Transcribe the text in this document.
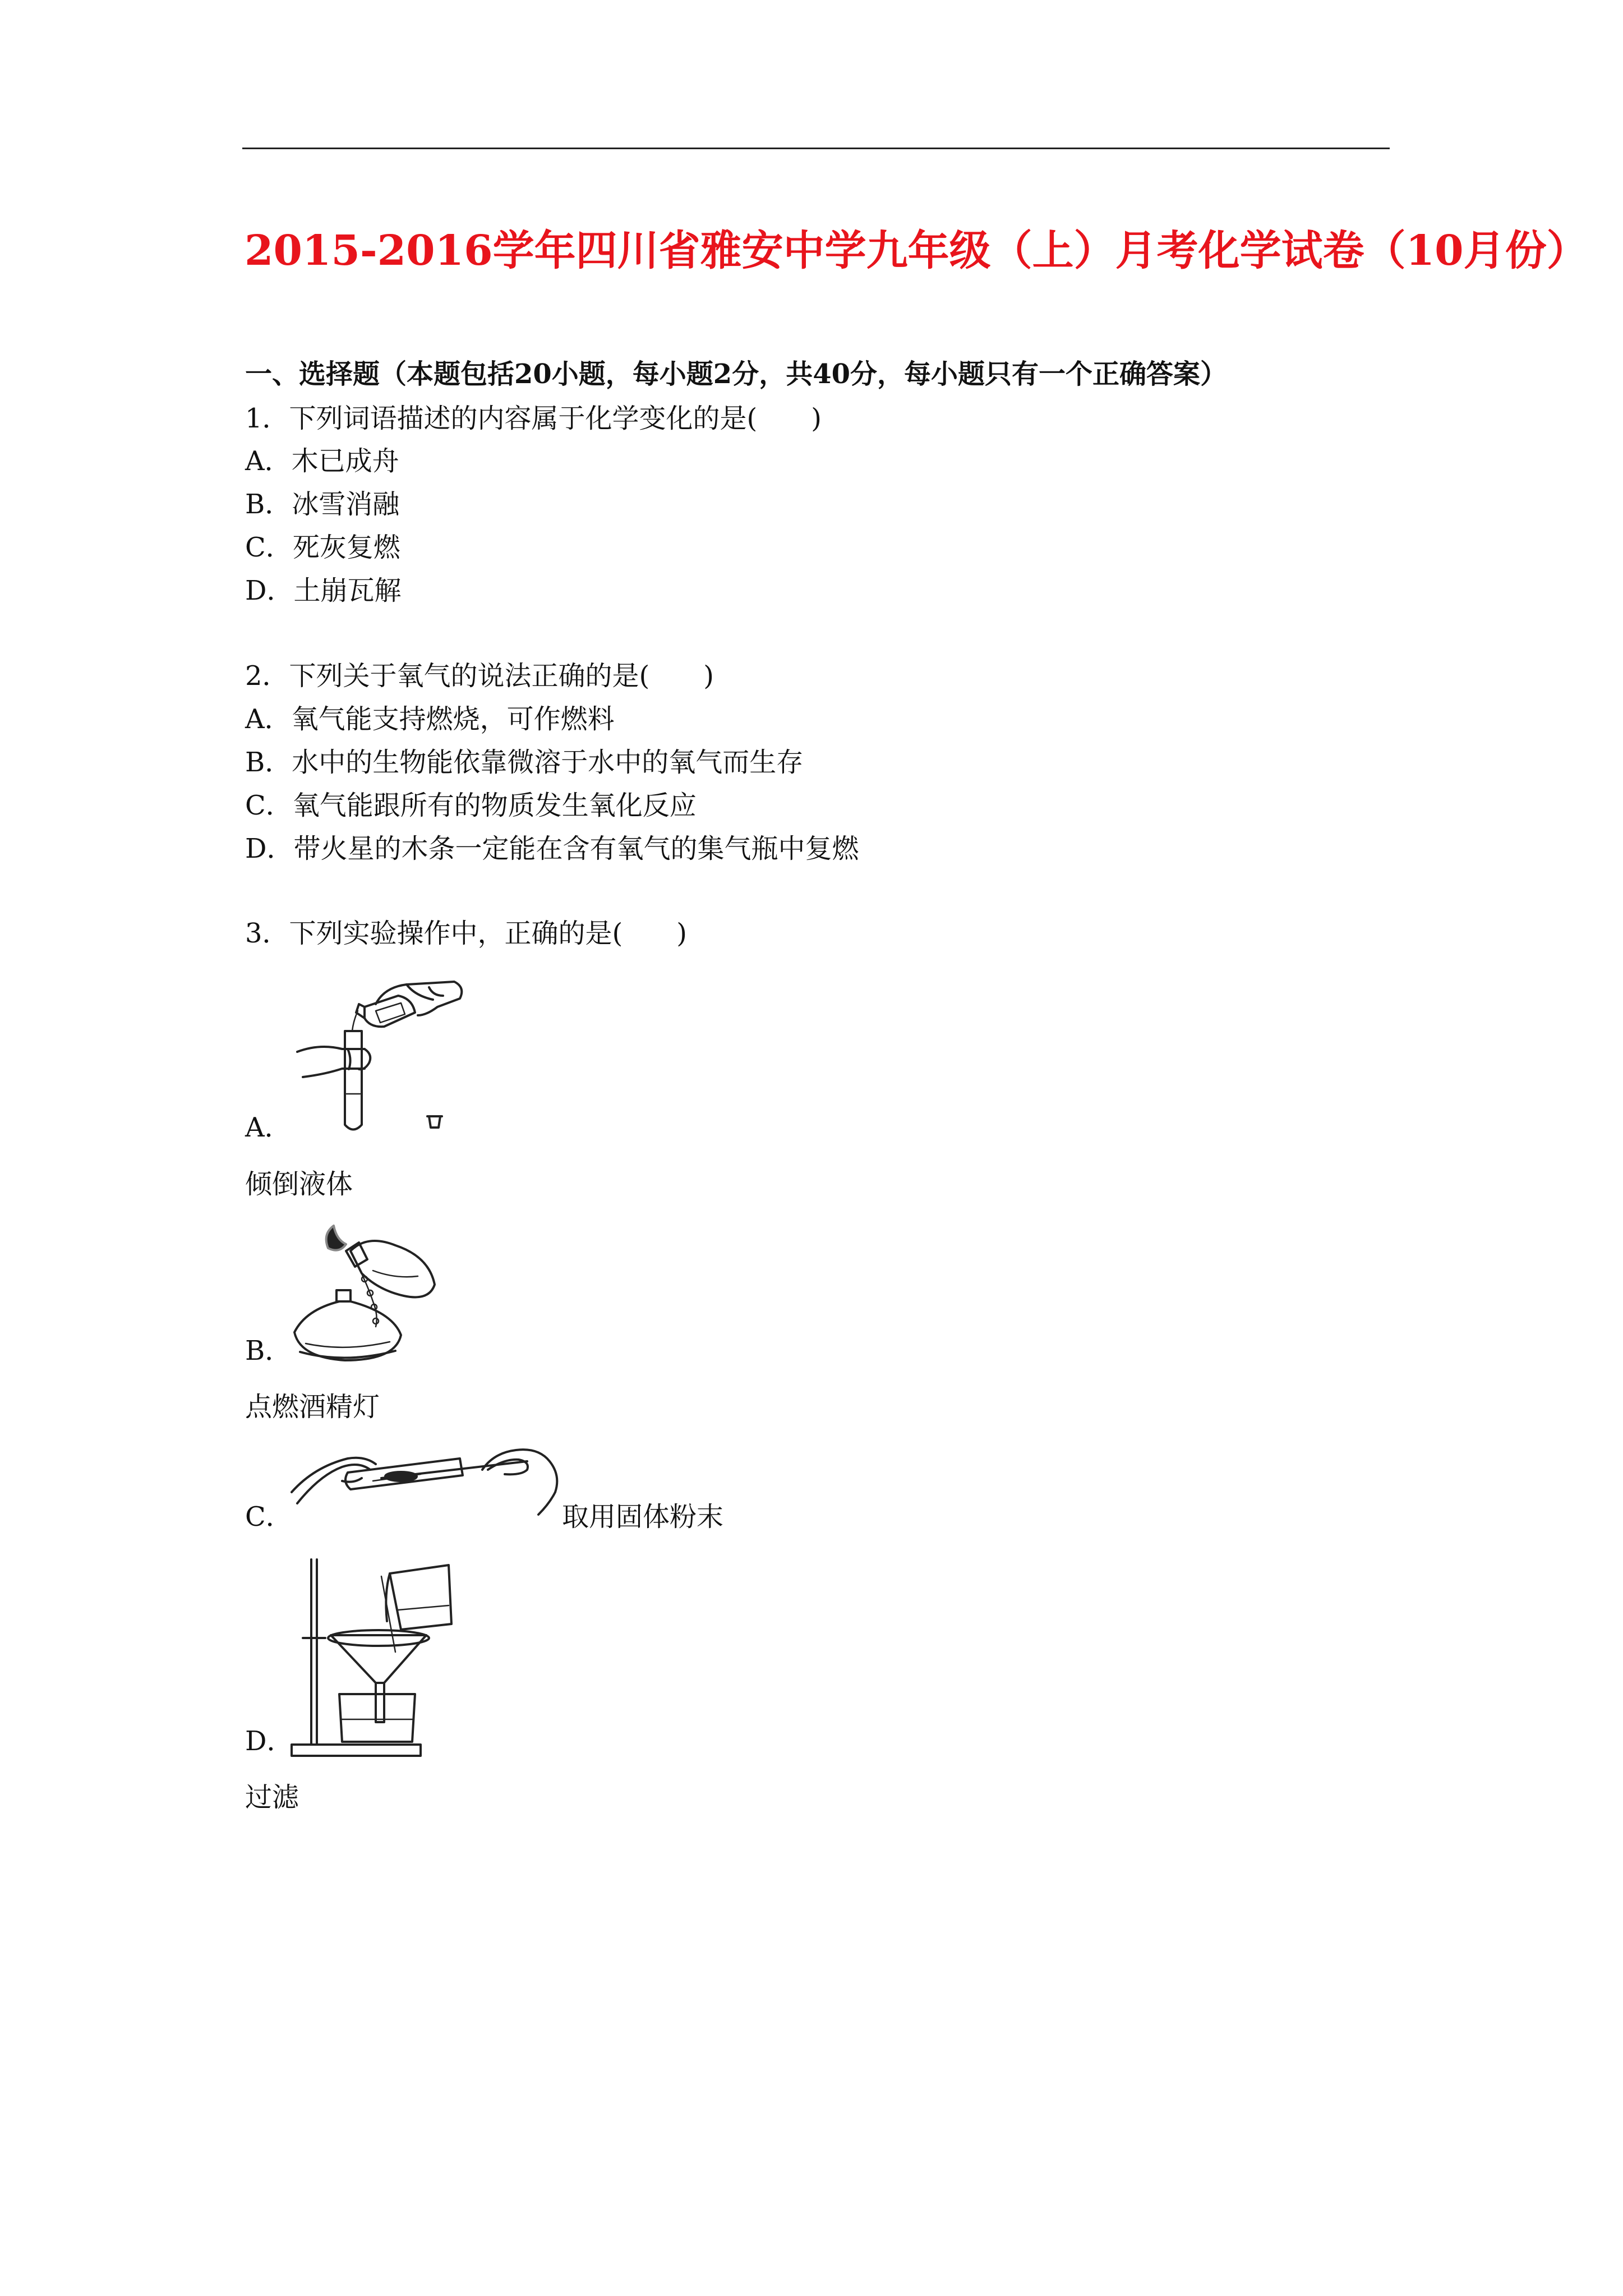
2015-2016学年四川省雅安中学九年级（上）月考化学试卷（10月份）
一、选择题（本题包括20小题，每小题2分，共40分，每小题只有一个正确答案）
1．下列词语描述的内容属于化学变化的是(　　)
A．木已成舟
B．冰雪消融
C．死灰复燃
D．土崩瓦解
2．下列关于氧气的说法正确的是(　　)
A．氧气能支持燃烧，可作燃料
B．水中的生物能依靠微溶于水中的氧气而生存
C．氧气能跟所有的物质发生氧化反应
D．带火星的木条一定能在含有氧气的集气瓶中复燃
3．下列实验操作中，正确的是(　　)
A．
倾倒液体
B．
点燃酒精灯
C．	取用固体粉末
D．
过滤
